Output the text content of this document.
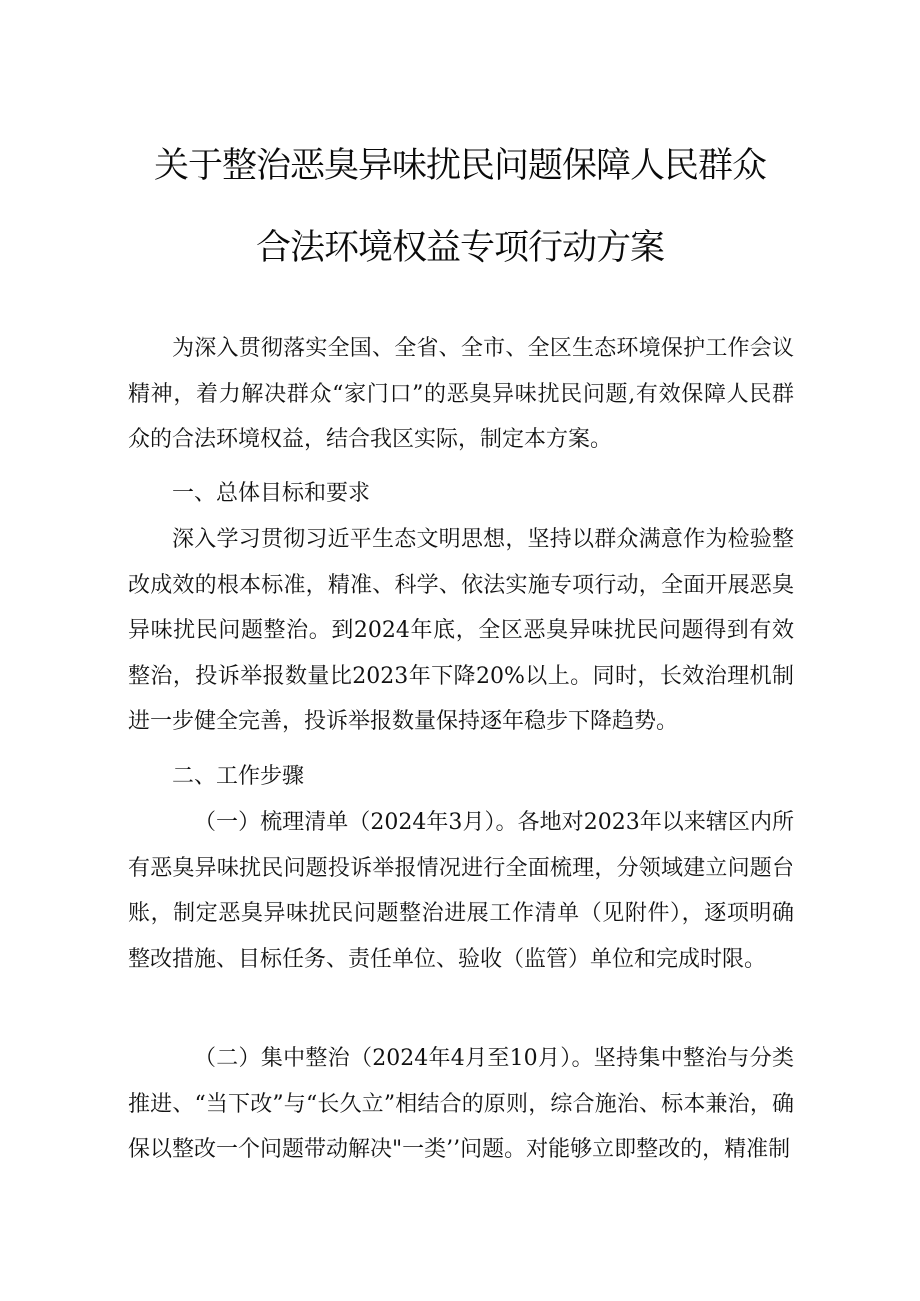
关于整治恶臭异味扰民问题保障人民群众
合法环境权益专项行动方案

为深入贯彻落实全国、全省、全市、全区生态环境保护工作会议精神，着力解决群众“家门口”的恶臭异味扰民问题,有效保障人民群众的合法环境权益，结合我区实际，制定本方案。

一、总体目标和要求

深入学习贯彻习近平生态文明思想，坚持以群众满意作为检验整改成效的根本标准，精准、科学、依法实施专项行动，全面开展恶臭异味扰民问题整治。到2024年底，全区恶臭异味扰民问题得到有效整治，投诉举报数量比2023年下降20%以上。同时，长效治理机制进一步健全完善，投诉举报数量保持逐年稳步下降趋势。

二、工作步骤

（一）梳理清单（2024年3月）。各地对2023年以来辖区内所有恶臭异味扰民问题投诉举报情况进行全面梳理，分领域建立问题台账，制定恶臭异味扰民问题整治进展工作清单（见附件），逐项明确整改措施、目标任务、责任单位、验收（监管）单位和完成时限。

（二）集中整治（2024年4月至10月）。坚持集中整治与分类推进、“当下改”与“长久立”相结合的原则，综合施治、标本兼治，确保以整改一个问题带动解决"一类’’问题。对能够立即整改的，精准制
